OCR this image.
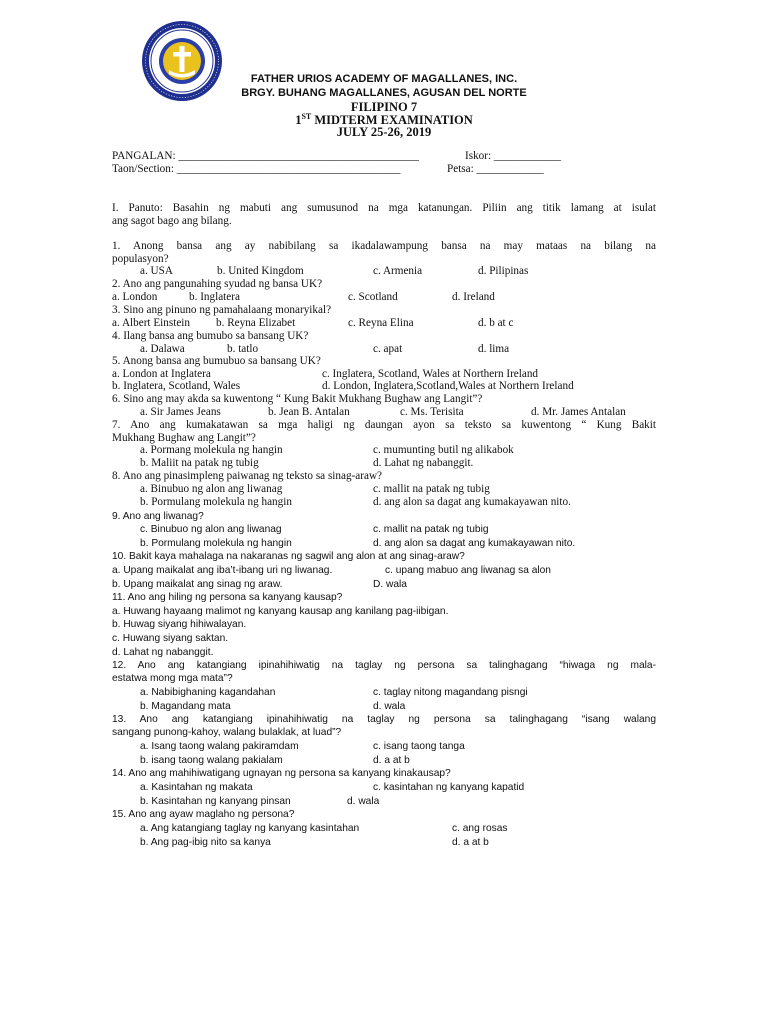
FATHER URIOS ACADEMY OF MAGALLANES, INC.
BRGY. BUHANG MAGALLANES, AGUSAN DEL NORTE
FILIPINO 7
1ST MIDTERM EXAMINATION
JULY 25-26, 2019
PANGALAN: ___________________________________________	Iskor: ____________
Taon/Section: ________________________________________	Petsa: ____________
I. Panuto: Basahin ng mabuti ang sumusunod na mga katanungan. Piliin ang titik lamang at isulat
ang sagot bago ang bilang.
1. Anong bansa ang ay nabibilang sa ikadalawampung bansa na may mataas na bilang na
populasyon?
a. USA	b. United Kingdom	c. Armenia	d. Pilipinas
2. Ano ang pangunahing syudad ng bansa UK?
a. London	b. Inglatera	c. Scotland	d. Ireland
3. Sino ang pinuno ng pamahalaang monaryikal?
a. Albert Einstein b. Reyna Elizabet	c. Reyna Elina	d. b at c
4. Ilang bansa ang bumubo sa bansang UK?
a. Dalawa	b. tatlo	c. apat	d. lima
5. Anong bansa ang bumubuo sa bansang UK?
a. London at Inglatera	c. Inglatera, Scotland, Wales at Northern Ireland
b. Inglatera, Scotland, Wales	d. London, Inglatera,Scotland,Wales at Northern Ireland
6. Sino ang may akda sa kuwentong “ Kung Bakit Mukhang Bughaw ang Langit”?
a. Sir James Jeans	b. Jean B. Antalan	c. Ms. Terisita	d. Mr. James Antalan
7. Ano ang kumakatawan sa mga haligi ng daungan ayon sa teksto sa kuwentong “ Kung Bakit
Mukhang Bughaw ang Langit”?
a. Pormang molekula ng hangin	c. mumunting butil ng alikabok
b. Maliit na patak ng tubig	d. Lahat ng nabanggit.
8. Ano ang pinasimpleng paiwanag ng teksto sa sinag-araw?
a. Binubuo ng alon ang liwanag	c. mallit na patak ng tubig
b. Pormulang molekula ng hangin	d. ang alon sa dagat ang kumakayawan nito.
9. Ano ang liwanag?
c. Binubuo ng alon ang liwanag	c. mallit na patak ng tubig
b. Pormulang molekula ng hangin	d. ang alon sa dagat ang kumakayawan nito.
10. Bakit kaya mahalaga na nakaranas ng sagwil ang alon at ang sinag-araw?
a. Upang maikalat ang iba’t-ibang uri ng liwanag.	c. upang mabuo ang liwanag sa alon
b. Upang maikalat ang sinag ng araw.	D. wala
11. Ano ang hiling ng persona sa kanyang kausap?
a. Huwang hayaang malimot ng kanyang kausap ang kanilang pag-iibigan.
b. Huwag siyang hihiwalayan.
c. Huwang siyang saktan.
d. Lahat ng nabanggit.
12. Ano ang katangiang ipinahihiwatig na taglay ng persona sa talinghagang “hiwaga ng mala-
estatwa mong mga mata”?
a. Nabibighaning kagandahan	c. taglay nitong magandang pisngi
b. Magandang mata	d. wala
13. Ano ang katangiang ipinahihiwatig na taglay ng persona sa talinghagang “isang walang
sangang punong-kahoy, walang bulaklak, at luad”?
a. Isang taong walang pakiramdam	c. isang taong tanga
b. isang taong walang pakialam	d. a at b
14. Ano ang mahihiwatigang ugnayan ng persona sa kanyang kinakausap?
a. Kasintahan ng makata	c. kasintahan ng kanyang kapatid
b. Kasintahan ng kanyang pinsan	d. wala
15. Ano ang ayaw maglaho ng persona?
a. Ang katangiang taglay ng kanyang kasintahan	c. ang rosas
b. Ang pag-ibig nito sa kanya	d. a at b
